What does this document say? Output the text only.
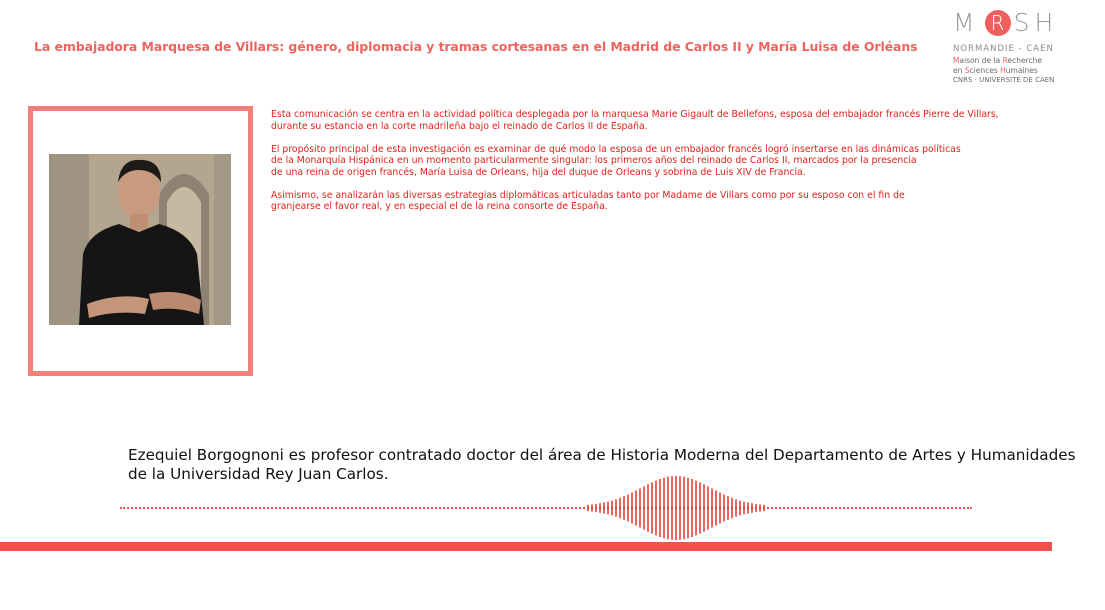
La embajadora Marquesa de Villars: género, diplomacia y tramas cortesanas en el Madrid de Carlos II y María Luisa de Orléans
M R SH
NORMANDIE - CAEN
Maison de la Recherche
en Sciences Humaines
CNRS · UNIVERSITÉ DE CAEN

Esta comunicación se centra en la actividad política desplegada por la marquesa Marie Gigault de Bellefons, esposa del embajador francés Pierre de Villars,
durante su estancia en la corte madrileña bajo el reinado de Carlos II de España.

El propósito principal de esta investigación es examinar de qué modo la esposa de un embajador francés logró insertarse en las dinámicas políticas
de la Monarquía Hispánica en un momento particularmente singular: los primeros años del reinado de Carlos II, marcados por la presencia
de una reina de origen francés, María Luisa de Orleans, hija del duque de Orleans y sobrina de Luis XIV de Francia.

Asimismo, se analizarán las diversas estrategias diplomáticas articuladas tanto por Madame de Villars como por su esposo con el fin de
granjearse el favor real, y en especial el de la reina consorte de España.

Ezequiel Borgognoni es profesor contratado doctor del área de Historia Moderna del Departamento de Artes y Humanidades de la Universidad Rey Juan Carlos.
